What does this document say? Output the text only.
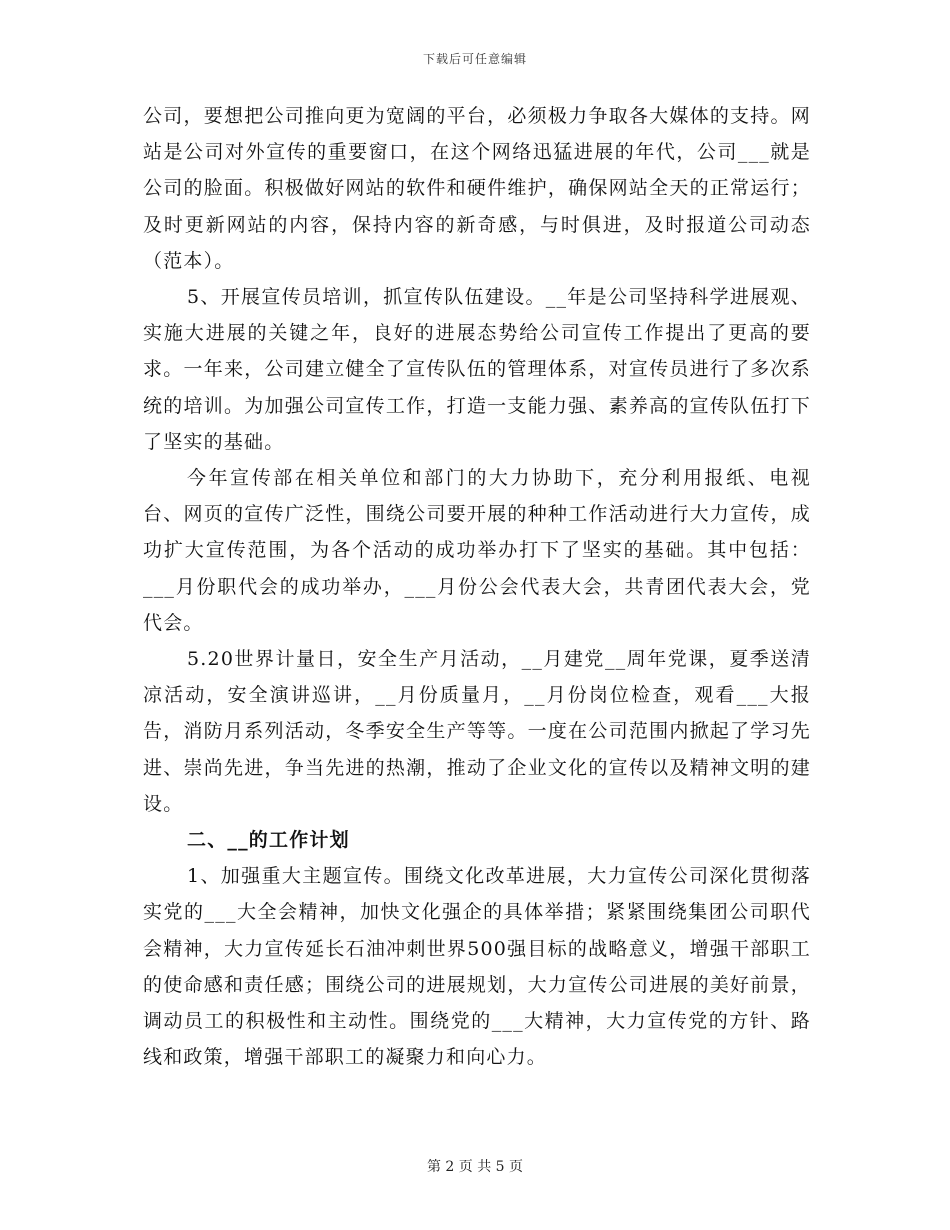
下载后可任意编辑

公司，要想把公司推向更为宽阔的平台，必须极力争取各大媒体的支持。网站是公司对外宣传的重要窗口，在这个网络迅猛进展的年代，公司___就是公司的脸面。积极做好网站的软件和硬件维护，确保网站全天的正常运行；及时更新网站的内容，保持内容的新奇感，与时俱进，及时报道公司动态（范本）。

5、开展宣传员培训，抓宣传队伍建设。__年是公司坚持科学进展观、实施大进展的关键之年，良好的进展态势给公司宣传工作提出了更高的要求。一年来，公司建立健全了宣传队伍的管理体系，对宣传员进行了多次系统的培训。为加强公司宣传工作，打造一支能力强、素养高的宣传队伍打下了坚实的基础。

今年宣传部在相关单位和部门的大力协助下，充分利用报纸、电视台、网页的宣传广泛性，围绕公司要开展的种种工作活动进行大力宣传，成功扩大宣传范围，为各个活动的成功举办打下了坚实的基础。其中包括：___月份职代会的成功举办，___月份公会代表大会，共青团代表大会，党代会。

5.20世界计量日，安全生产月活动，__月建党__周年党课，夏季送清凉活动，安全演讲巡讲，__月份质量月，__月份岗位检查，观看___大报告，消防月系列活动，冬季安全生产等等。一度在公司范围内掀起了学习先进、崇尚先进，争当先进的热潮，推动了企业文化的宣传以及精神文明的建设。

二、__的工作计划

1、加强重大主题宣传。围绕文化改革进展，大力宣传公司深化贯彻落实党的___大全会精神，加快文化强企的具体举措；紧紧围绕集团公司职代会精神，大力宣传延长石油冲刺世界500强目标的战略意义，增强干部职工的使命感和责任感；围绕公司的进展规划，大力宣传公司进展的美好前景，调动员工的积极性和主动性。围绕党的___大精神，大力宣传党的方针、路线和政策，增强干部职工的凝聚力和向心力。

第 2 页 共 5 页
